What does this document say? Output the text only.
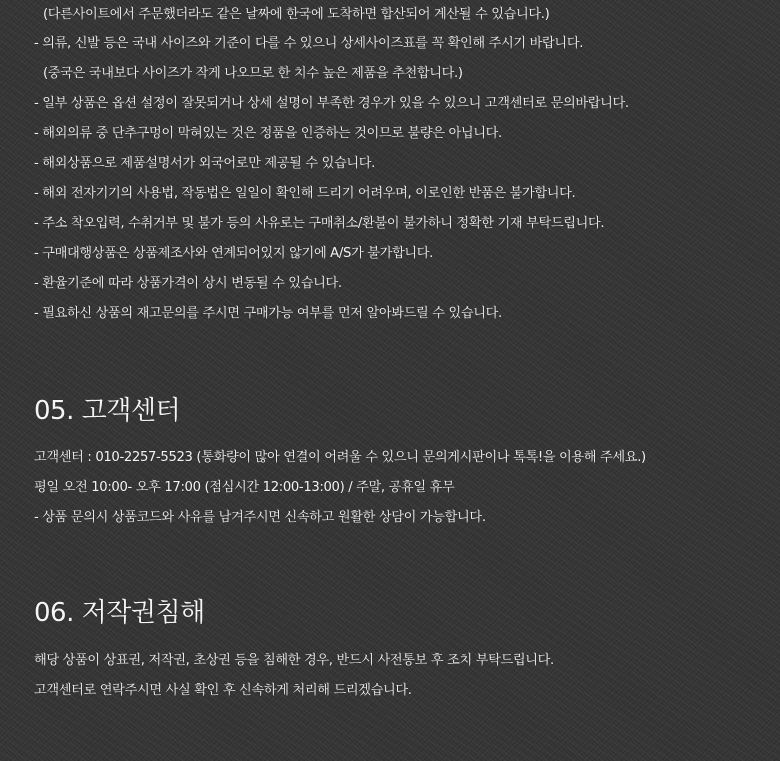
(다른사이트에서 주문했더라도 같은 날짜에 한국에 도착하면 합산되어 계산될 수 있습니다.)
- 의류, 신발 등은 국내 사이즈와 기준이 다를 수 있으니 상세사이즈표를 꼭 확인해 주시기 바랍니다.
(중국은 국내보다 사이즈가 작게 나오므로 한 치수 높은 제품을 추천합니다.)
- 일부 상품은 옵션 설정이 잘못되거나 상세 설명이 부족한 경우가 있을 수 있으니 고객센터로 문의바랍니다.
- 해외의류 중 단추구멍이 막혀있는 것은 정품을 인증하는 것이므로 불량은 아닙니다.
- 해외상품으로 제품설명서가 외국어로만 제공될 수 있습니다.
- 해외 전자기기의 사용법, 작동법은 일일이 확인해 드리기 어려우며, 이로인한 반품은 불가합니다.
- 주소 착오입력, 수취거부 및 불가 등의 사유로는 구매취소/환불이 불가하니 정확한 기재 부탁드립니다.
- 구매대행상품은 상품제조사와 연계되어있지 않기에 A/S가 불가합니다.
- 환율기준에 따라 상품가격이 상시 변동될 수 있습니다.
- 필요하신 상품의 재고문의를 주시면 구매가능 여부를 먼저 알아봐드릴 수 있습니다.
05. 고객센터
고객센터 : 010-2257-5523 (통화량이 많아 연결이 어려울 수 있으니 문의게시판이나 톡톡!을 이용해 주세요.)
평일 오전 10:00- 오후 17:00 (점심시간 12:00-13:00) / 주말, 공휴일 휴무
- 상품 문의시 상품코드와 사유를 남겨주시면 신속하고 원활한 상담이 가능합니다.
06. 저작권침해
해당 상품이 상표권, 저작권, 초상권 등을 침해한 경우, 반드시 사전통보 후 조치 부탁드립니다.
고객센터로 연락주시면 사실 확인 후 신속하게 처리해 드리겠습니다.
